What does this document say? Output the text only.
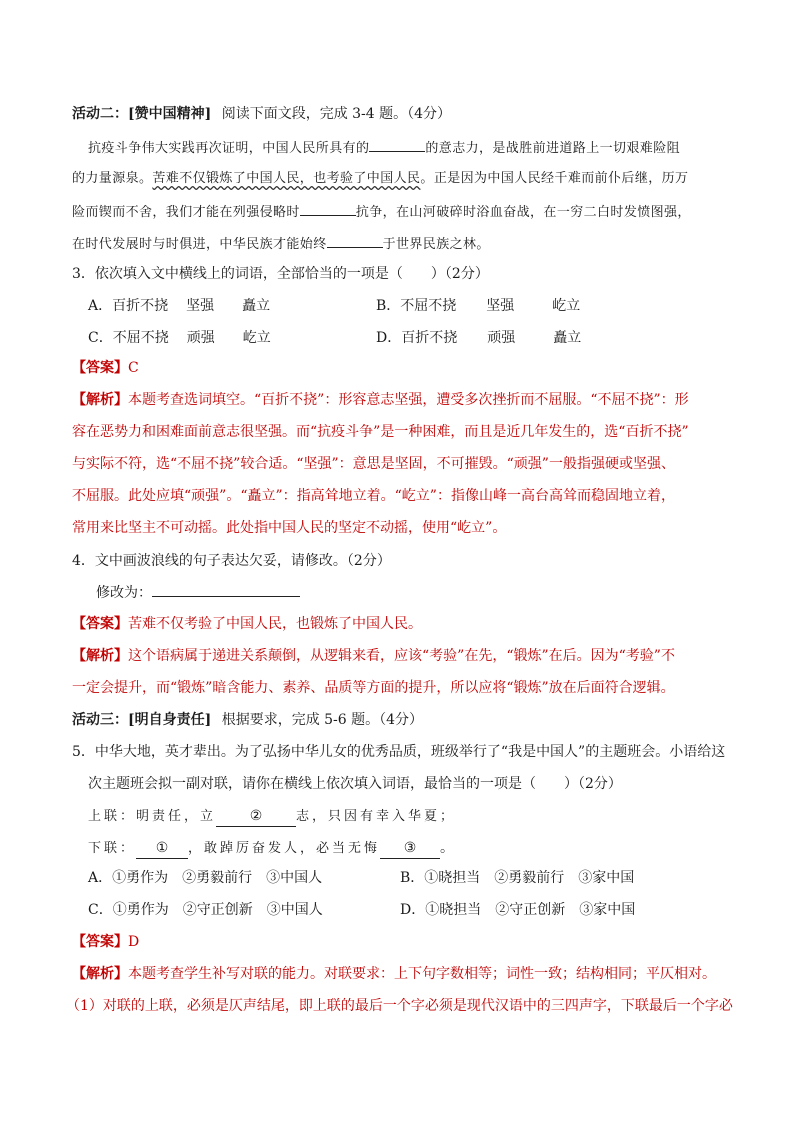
活动二：[赞中国精神] 阅读下面文段，完成 3-4 题。（4分）
抗疫斗争伟大实践再次证明，中国人民所具有的	的意志力，是战胜前进道路上一切艰难险阻
的力量源泉。苦难不仅锻炼了中国人民，也考验了中国人民。正是因为中国人民经千难而前仆后继，历万
险而锲而不舍，我们才能在列强侵略时	抗争，在山河破碎时浴血奋战，在一穷二白时发愤图强，
在时代发展时与时俱进，中华民族才能始终	于世界民族之林。
3．依次填入文中横线上的词语，全部恰当的一项是（　　）（2分）
A．百折不挠 坚强 矗立	B．不屈不挠 坚强	屹立
C．不屈不挠 顽强 屹立	D．百折不挠 顽强	矗立
【答案】C
【解析】本题考查选词填空。“百折不挠”：形容意志坚强，遭受多次挫折而不屈服。“不屈不挠”：形
容在恶势力和困难面前意志很坚强。而“抗疫斗争”是一种困难，而且是近几年发生的，选“百折不挠”
与实际不符，选“不屈不挠”较合适。“坚强”：意思是坚固，不可摧毁。“顽强”一般指强硬或坚强、
不屈服。此处应填“顽强”。“矗立”：指高耸地立着。“屹立”：指像山峰一高台高耸而稳固地立着，
常用来比坚主不可动摇。此处指中国人民的坚定不动摇，使用“屹立”。
4．文中画波浪线的句子表达欠妥，请修改。（2分）
修改为：
【答案】苦难不仅考验了中国人民，也锻炼了中国人民。
【解析】这个语病属于递进关系颠倒，从逻辑来看，应该“考验”在先，“锻炼”在后。因为“考验”不
一定会提升，而“锻炼”暗含能力、素养、品质等方面的提升，所以应将“锻炼”放在后面符合逻辑。
活动三：[明自身责任] 根据要求，完成 5-6 题。（4分）
5．中华大地，英才辈出。为了弘扬中华儿女的优秀品质，班级举行了“我是中国人”的主题班会。小语给这
次主题班会拟一副对联，请你在横线上依次填入词语，最恰当的一项是（　　）（2分）
上联：明责任，立 ②	志，只因有幸入华夏；
下联： ① ，敢踔厉奋发人，必当无悔 ③ 。
A．①勇作为　②勇毅前行　③中国人	B．①晓担当　②勇毅前行　③家中国
C．①勇作为　②守正创新　③中国人	D．①晓担当　②守正创新　③家中国
【答案】D
【解析】本题考查学生补写对联的能力。对联要求：上下句字数相等；词性一致；结构相同；平仄相对。
（1）对联的上联，必须是仄声结尾，即上联的最后一个字必须是现代汉语中的三四声字，下联最后一个字必
